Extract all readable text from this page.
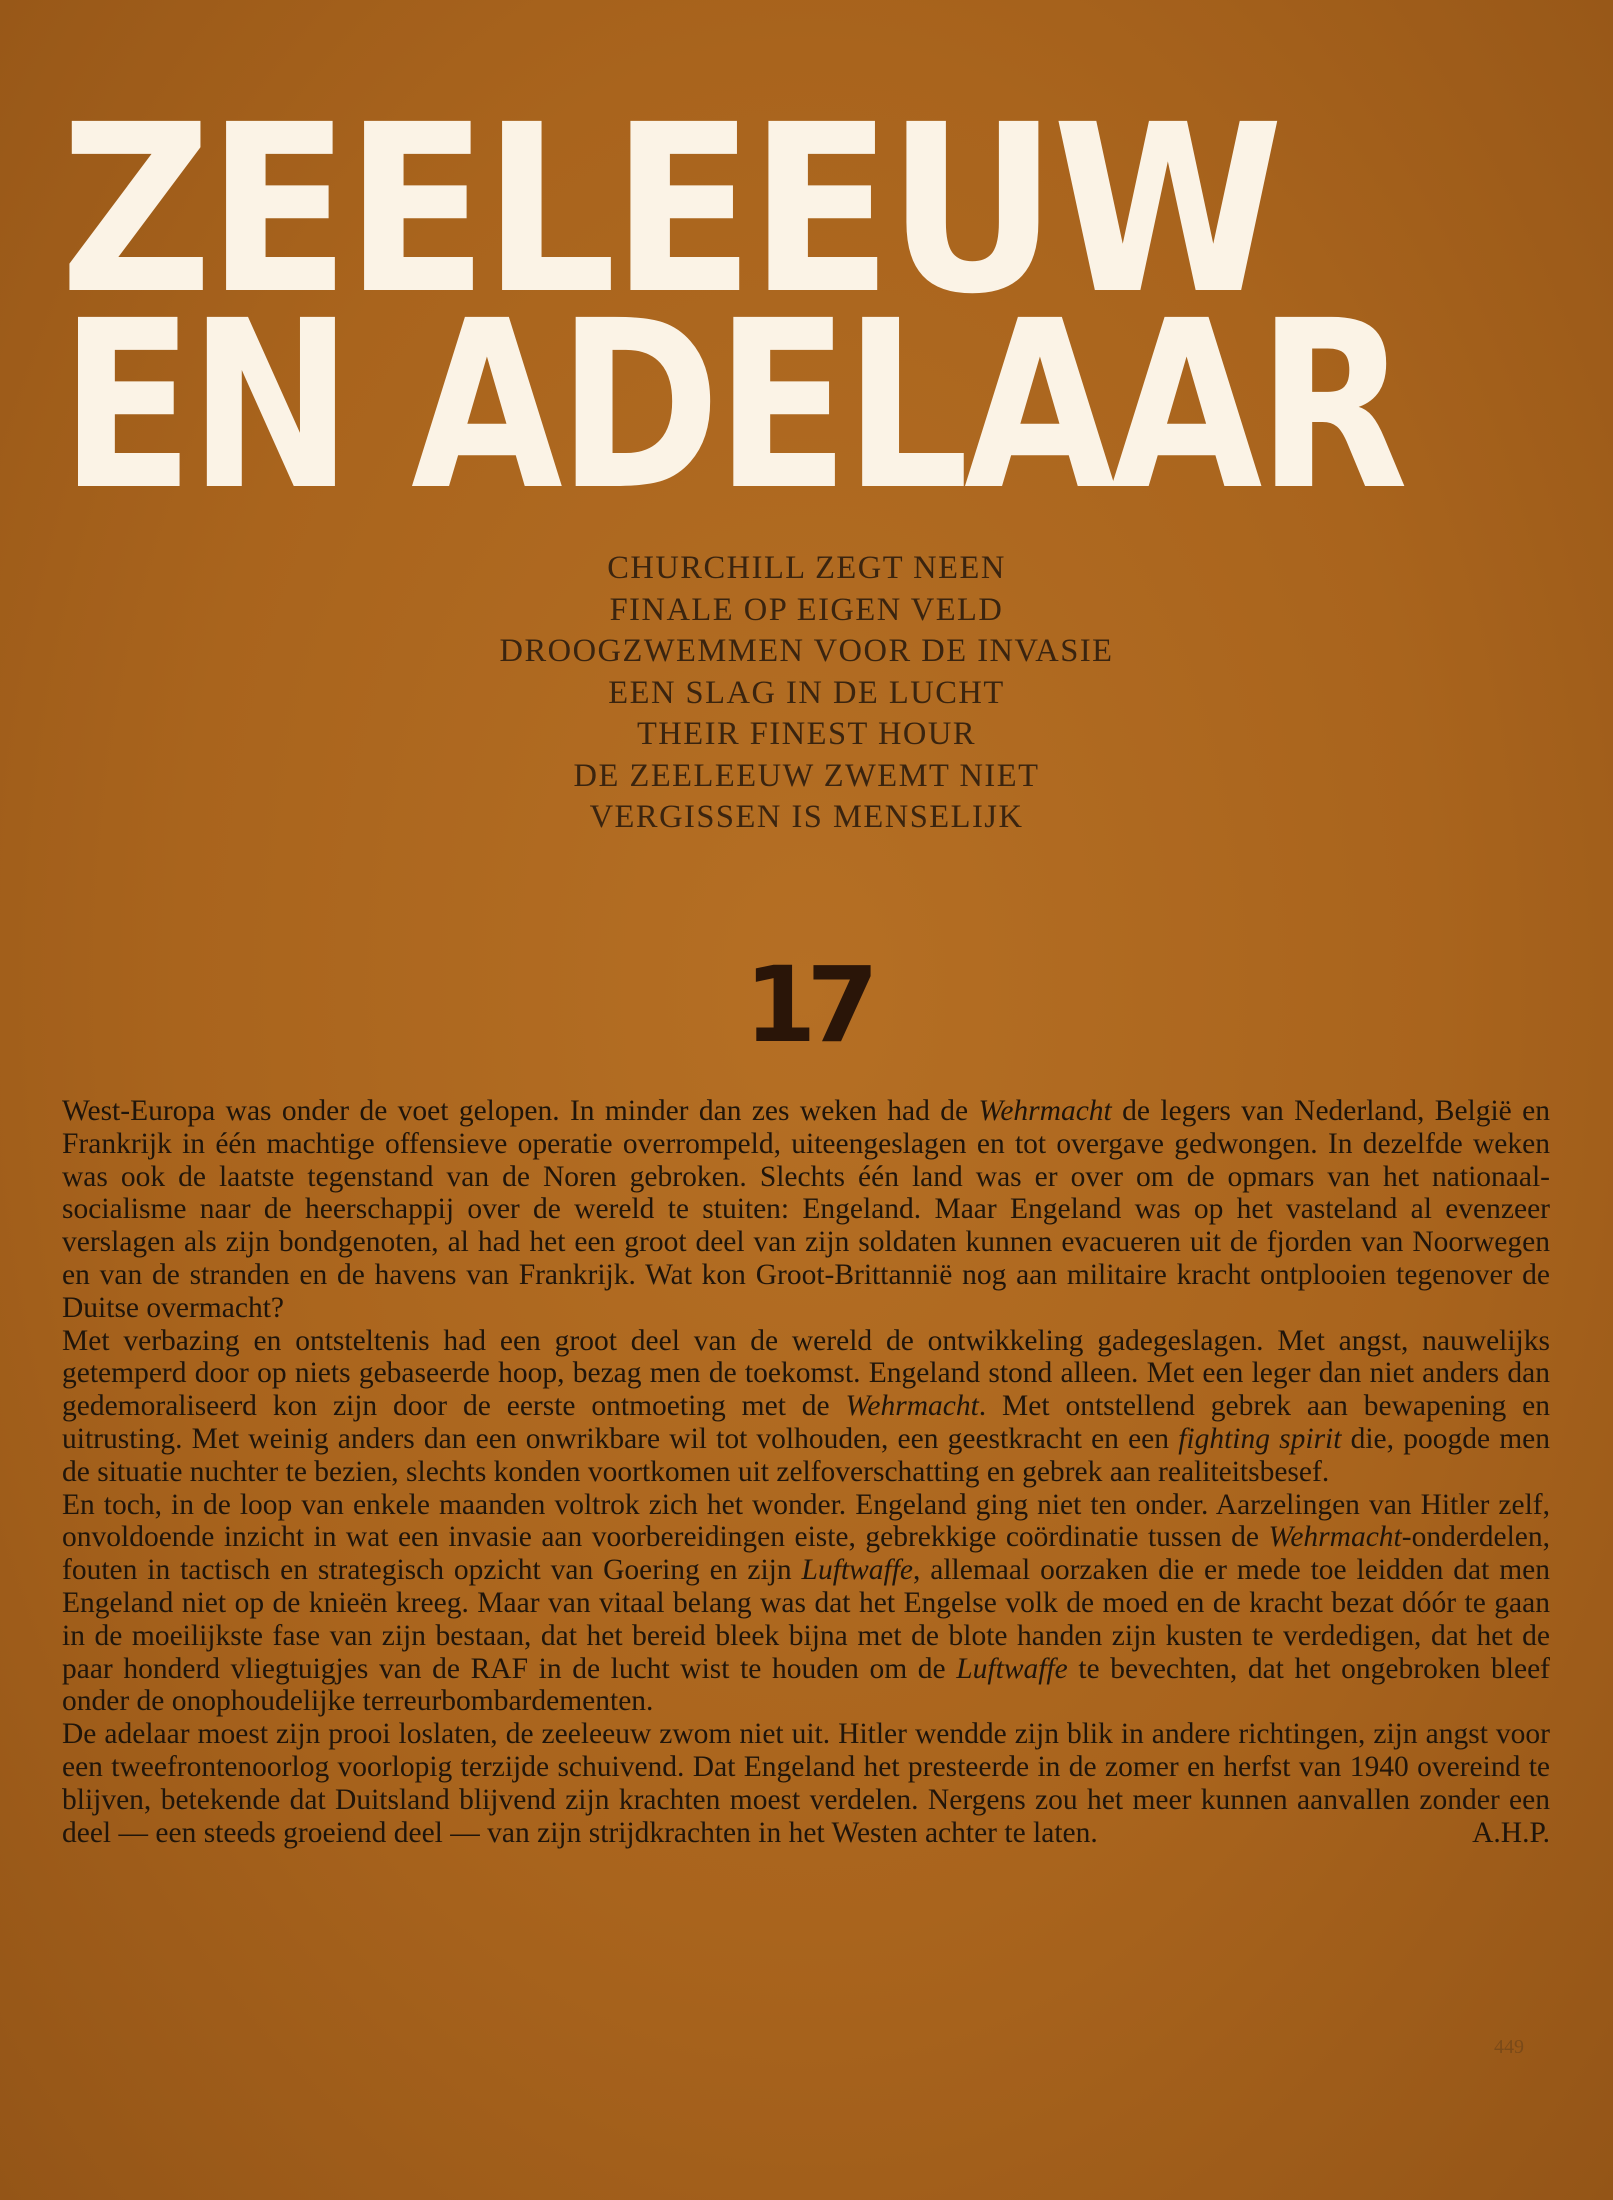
ZEELEEUW
EN ADELAAR
CHURCHILL ZEGT NEEN
FINALE OP EIGEN VELD
DROOGZWEMMEN VOOR DE INVASIE
EEN SLAG IN DE LUCHT
THEIR FINEST HOUR
DE ZEELEEUW ZWEMT NIET
VERGISSEN IS MENSELIJK
17

West-Europa was onder de voet gelopen. In minder dan zes weken had de Wehrmacht de legers van Nederland, België en Frankrijk in één machtige offensieve operatie overrompeld, uiteengeslagen en tot overgave gedwongen. In dezelfde weken was ook de laatste tegenstand van de Noren gebroken. Slechts één land was er over om de opmars van het nationaal-socialisme naar de heerschappij over de wereld te stuiten: Engeland. Maar Engeland was op het vasteland al evenzeer verslagen als zijn bondgenoten, al had het een groot deel van zijn soldaten kunnen evacueren uit de fjorden van Noorwegen en van de stranden en de havens van Frankrijk. Wat kon Groot-Brittannië nog aan militaire kracht ontplooien tegenover de Duitse overmacht?

Met verbazing en ontsteltenis had een groot deel van de wereld de ontwikkeling gadegeslagen. Met angst, nauwelijks getemperd door op niets gebaseerde hoop, bezag men de toekomst. Engeland stond alleen. Met een leger dan niet anders dan gedemoraliseerd kon zijn door de eerste ontmoeting met de Wehrmacht. Met ontstellend gebrek aan bewapening en uitrusting. Met weinig anders dan een onwrikbare wil tot volhouden, een geestkracht en een fighting spirit die, poogde men de situatie nuchter te bezien, slechts konden voortkomen uit zelfoverschatting en gebrek aan realiteitsbesef.

En toch, in de loop van enkele maanden voltrok zich het wonder. Engeland ging niet ten onder. Aarzelingen van Hitler zelf, onvoldoende inzicht in wat een invasie aan voorbereidingen eiste, gebrekkige coördinatie tussen de Wehrmacht-onderdelen, fouten in tactisch en strategisch opzicht van Goering en zijn Luftwaffe, allemaal oorzaken die er mede toe leidden dat men Engeland niet op de knieën kreeg. Maar van vitaal belang was dat het Engelse volk de moed en de kracht bezat dóór te gaan in de moeilijkste fase van zijn bestaan, dat het bereid bleek bijna met de blote handen zijn kusten te verdedigen, dat het de paar honderd vliegtuigjes van de RAF in de lucht wist te houden om de Luftwaffe te bevechten, dat het ongebroken bleef onder de onophoudelijke terreurbombardementen.

De adelaar moest zijn prooi loslaten, de zeeleeuw zwom niet uit. Hitler wendde zijn blik in andere richtingen, zijn angst voor een tweefrontenoorlog voorlopig terzijde schuivend. Dat Engeland het presteerde in de zomer en herfst van 1940 overeind te blijven, betekende dat Duitsland blijvend zijn krachten moest verdelen. Nergens zou het meer kunnen aanvallen zonder een deel — een steeds groeiend deel — van zijn strijdkrachten in het Westen achter te laten.	A.H.P.

449
